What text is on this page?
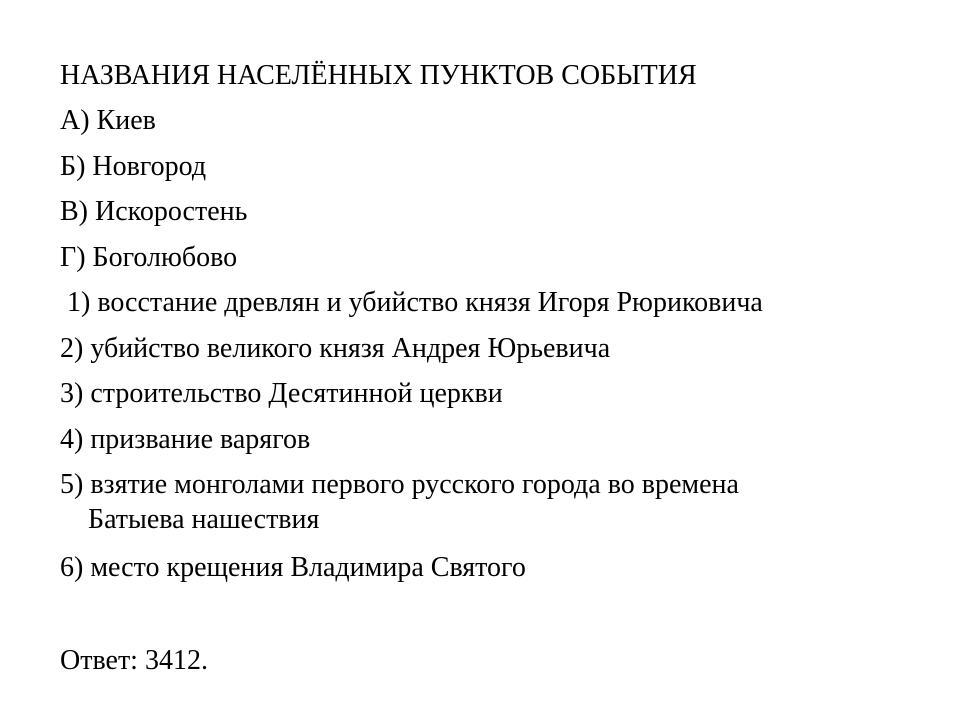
НАЗВАНИЯ НАСЕЛЁННЫХ ПУНКТОВ СОБЫТИЯ

А) Киев

Б) Новгород

В) Искоростень

Г) Боголюбово

1) восстание древлян и убийство князя Игоря Рюриковича

2) убийство великого князя Андрея Юрьевича

3) строительство Десятинной церкви

4) призвание варягов

5) взятие монголами первого русского города во времена

Батыева нашествия

6) место крещения Владимира Святого

Ответ: 3412.
